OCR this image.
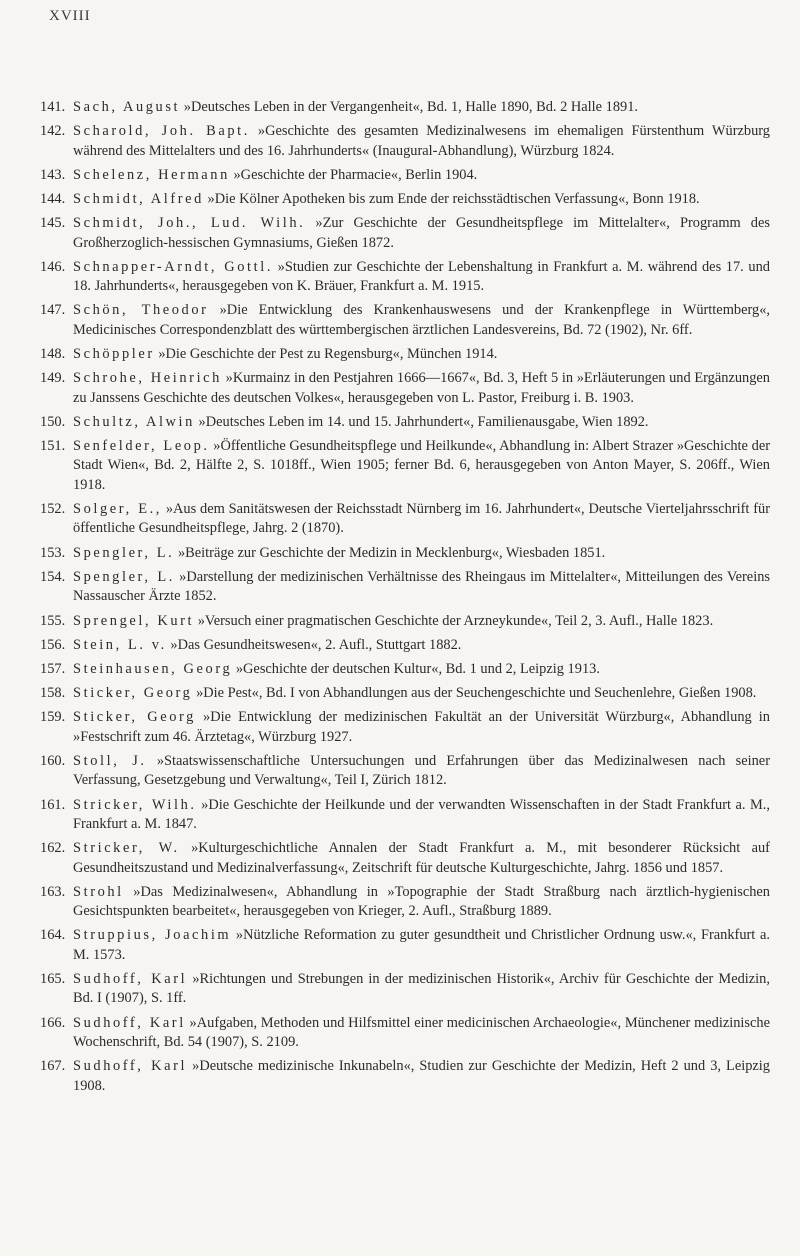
XVIII

141. Sach, August »Deutsches Leben in der Vergangenheit«, Bd. 1, Halle 1890, Bd. 2 Halle 1891.

142. Scharold, Joh. Bapt. »Geschichte des gesamten Medizinalwesens im ehemaligen Fürstenthum Würzburg während des Mittelalters und des 16. Jahrhunderts« (Inaugural-Abhandlung), Würzburg 1824.

143. Schelenz, Hermann »Geschichte der Pharmacie«, Berlin 1904.

144. Schmidt, Alfred »Die Kölner Apotheken bis zum Ende der reichsstädtischen Verfassung«, Bonn 1918.

145. Schmidt, Joh., Lud. Wilh. »Zur Geschichte der Gesundheitspflege im Mittelalter«, Programm des Großherzoglich-hessischen Gymnasiums, Gießen 1872.

146. Schnapper-Arndt, Gottl. »Studien zur Geschichte der Lebenshaltung in Frankfurt a. M. während des 17. und 18. Jahrhunderts«, herausgegeben von K. Bräuer, Frankfurt a. M. 1915.

147. Schön, Theodor »Die Entwicklung des Krankenhauswesens und der Krankenpflege in Württemberg«, Medicinisches Correspondenzblatt des württembergischen ärztlichen Landesvereins, Bd. 72 (1902), Nr. 6ff.

148. Schöppler »Die Geschichte der Pest zu Regensburg«, München 1914.

149. Schrohe, Heinrich »Kurmainz in den Pestjahren 1666—1667«, Bd. 3, Heft 5 in »Erläuterungen und Ergänzungen zu Janssens Geschichte des deutschen Volkes«, herausgegeben von L. Pastor, Freiburg i. B. 1903.

150. Schultz, Alwin »Deutsches Leben im 14. und 15. Jahrhundert«, Familienausgabe, Wien 1892.

151. Senfelder, Leop. »Öffentliche Gesundheitspflege und Heilkunde«, Abhandlung in: Albert Strazer »Geschichte der Stadt Wien«, Bd. 2, Hälfte 2, S. 1018ff., Wien 1905; ferner Bd. 6, herausgegeben von Anton Mayer, S. 206ff., Wien 1918.

152. Solger, E., »Aus dem Sanitätswesen der Reichsstadt Nürnberg im 16. Jahrhundert«, Deutsche Vierteljahrsschrift für öffentliche Gesundheitspflege, Jahrg. 2 (1870).

153. Spengler, L. »Beiträge zur Geschichte der Medizin in Mecklenburg«, Wiesbaden 1851.

154. Spengler, L. »Darstellung der medizinischen Verhältnisse des Rheingaus im Mittelalter«, Mitteilungen des Vereins Nassauscher Ärzte 1852.

155. Sprengel, Kurt »Versuch einer pragmatischen Geschichte der Arzneykunde«, Teil 2, 3. Aufl., Halle 1823.

156. Stein, L. v. »Das Gesundheitswesen«, 2. Aufl., Stuttgart 1882.

157. Steinhausen, Georg »Geschichte der deutschen Kultur«, Bd. 1 und 2, Leipzig 1913.

158. Sticker, Georg »Die Pest«, Bd. I von Abhandlungen aus der Seuchengeschichte und Seuchenlehre, Gießen 1908.

159. Sticker, Georg »Die Entwicklung der medizinischen Fakultät an der Universität Würzburg«, Abhandlung in »Festschrift zum 46. Ärztetag«, Würzburg 1927.

160. Stoll, J. »Staatswissenschaftliche Untersuchungen und Erfahrungen über das Medizinalwesen nach seiner Verfassung, Gesetzgebung und Verwaltung«, Teil I, Zürich 1812.

161. Stricker, Wilh. »Die Geschichte der Heilkunde und der verwandten Wissenschaften in der Stadt Frankfurt a. M., Frankfurt a. M. 1847.

162. Stricker, W. »Kulturgeschichtliche Annalen der Stadt Frankfurt a. M., mit besonderer Rücksicht auf Gesundheitszustand und Medizinalverfassung«, Zeitschrift für deutsche Kulturgeschichte, Jahrg. 1856 und 1857.

163. Strohl »Das Medizinalwesen«, Abhandlung in »Topographie der Stadt Straßburg nach ärztlich-hygienischen Gesichtspunkten bearbeitet«, herausgegeben von Krieger, 2. Aufl., Straßburg 1889.

164. Struppius, Joachim »Nützliche Reformation zu guter gesundtheit und Christlicher Ordnung usw.«, Frankfurt a. M. 1573.

165. Sudhoff, Karl »Richtungen und Strebungen in der medizinischen Historik«, Archiv für Geschichte der Medizin, Bd. I (1907), S. 1ff.

166. Sudhoff, Karl »Aufgaben, Methoden und Hilfsmittel einer medicinischen Archaeologie«, Münchener medizinische Wochenschrift, Bd. 54 (1907), S. 2109.

167. Sudhoff, Karl »Deutsche medizinische Inkunabeln«, Studien zur Geschichte der Medizin, Heft 2 und 3, Leipzig 1908.
